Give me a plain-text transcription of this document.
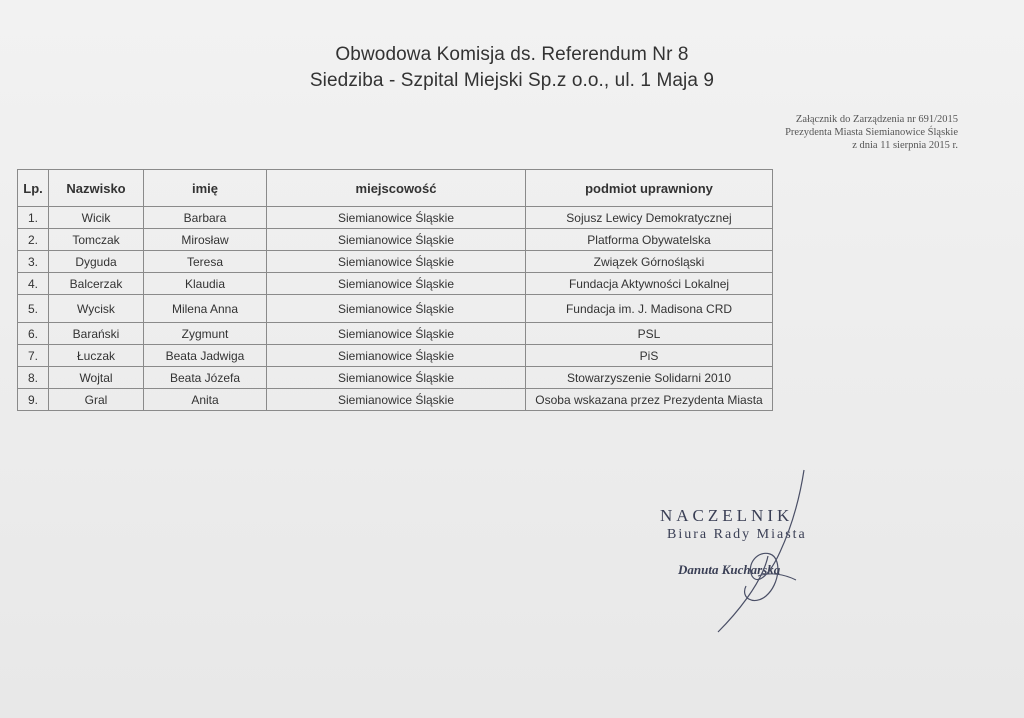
Obwodowa Komisja ds. Referendum Nr 8
Siedziba - Szpital Miejski Sp.z o.o., ul. 1 Maja 9
Załącznik do Zarządzenia nr 691/2015
Prezydenta Miasta Siemianowice Śląskie
z dnia 11 sierpnia 2015 r.
Lp.	Nazwisko	imię	miejscowość	podmiot uprawniony
1.	Wicik	Barbara	Siemianowice Śląskie	Sojusz Lewicy Demokratycznej
2.	Tomczak	Mirosław	Siemianowice Śląskie	Platforma Obywatelska
3.	Dyguda	Teresa	Siemianowice Śląskie	Związek Górnośląski
4.	Balcerzak	Klaudia	Siemianowice Śląskie	Fundacja Aktywności Lokalnej
5.	Wycisk	Milena Anna	Siemianowice Śląskie	Fundacja im. J. Madisona CRD
6.	Barański	Zygmunt	Siemianowice Śląskie	PSL
7.	Łuczak	Beata Jadwiga	Siemianowice Śląskie	PiS
8.	Wojtal	Beata Józefa	Siemianowice Śląskie	Stowarzyszenie Solidarni 2010
9.	Gral	Anita	Siemianowice Śląskie	Osoba wskazana przez Prezydenta Miasta
NACZELNIK
Biura Rady Miasta
Danuta Kucharska
